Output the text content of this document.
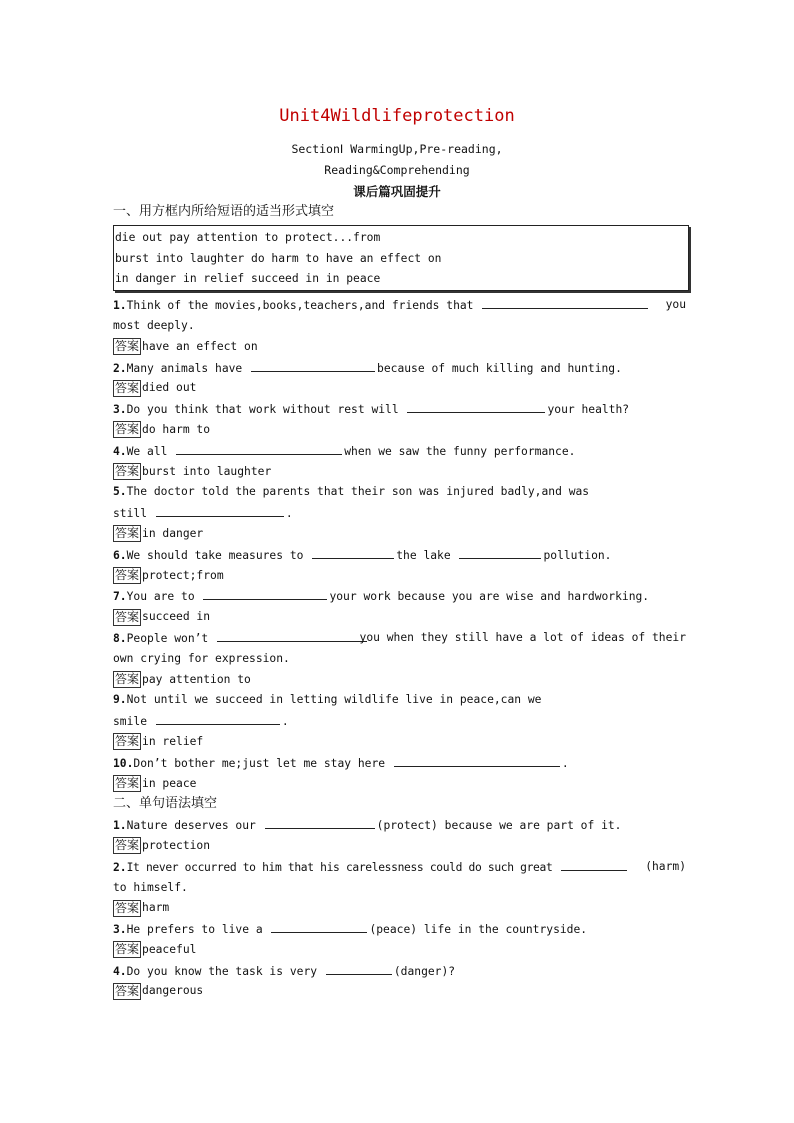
Unit4Wildlifeprotection
SectionⅠ WarmingUp,Pre-reading,
Reading&Comprehending
课后篇巩固提升
一、用方框内所给短语的适当形式填空
die out pay attention to protect...from
burst into laughter do harm to have an effect on
in danger in relief succeed in in peace
1.Think of the movies,books,teachers,and friends that	you
most deeply.
答案 have an effect on
2.Many animals have	because of much killing and hunting.
答案 died out
3.Do you think that work without rest will	your health?
答案 do harm to
4.We all	when we saw the funny performance.
答案 burst into laughter
5.The doctor told the parents that their son was injured badly,and was
still	.
答案 in danger
6.We should take measures to	the lake	pollution.
答案 protect;from
7.You are to	your work because you are wise and hardworking.
答案 succeed in
8.People won’t	you when they still have a lot of ideas of their
own crying for expression.
答案 pay attention to
9.Not until we succeed in letting wildlife live in peace,can we
smile	.
答案 in relief
10.Don’t bother me;just let me stay here	.
答案 in peace
二、单句语法填空
1.Nature deserves our	(protect) because we are part of it.
答案 protection
2.It never occurred to him that his carelessness could do such great	(harm)
to himself.
答案 harm
3.He prefers to live a	(peace) life in the countryside.
答案 peaceful
4.Do you know the task is very	(danger)?
答案 dangerous
